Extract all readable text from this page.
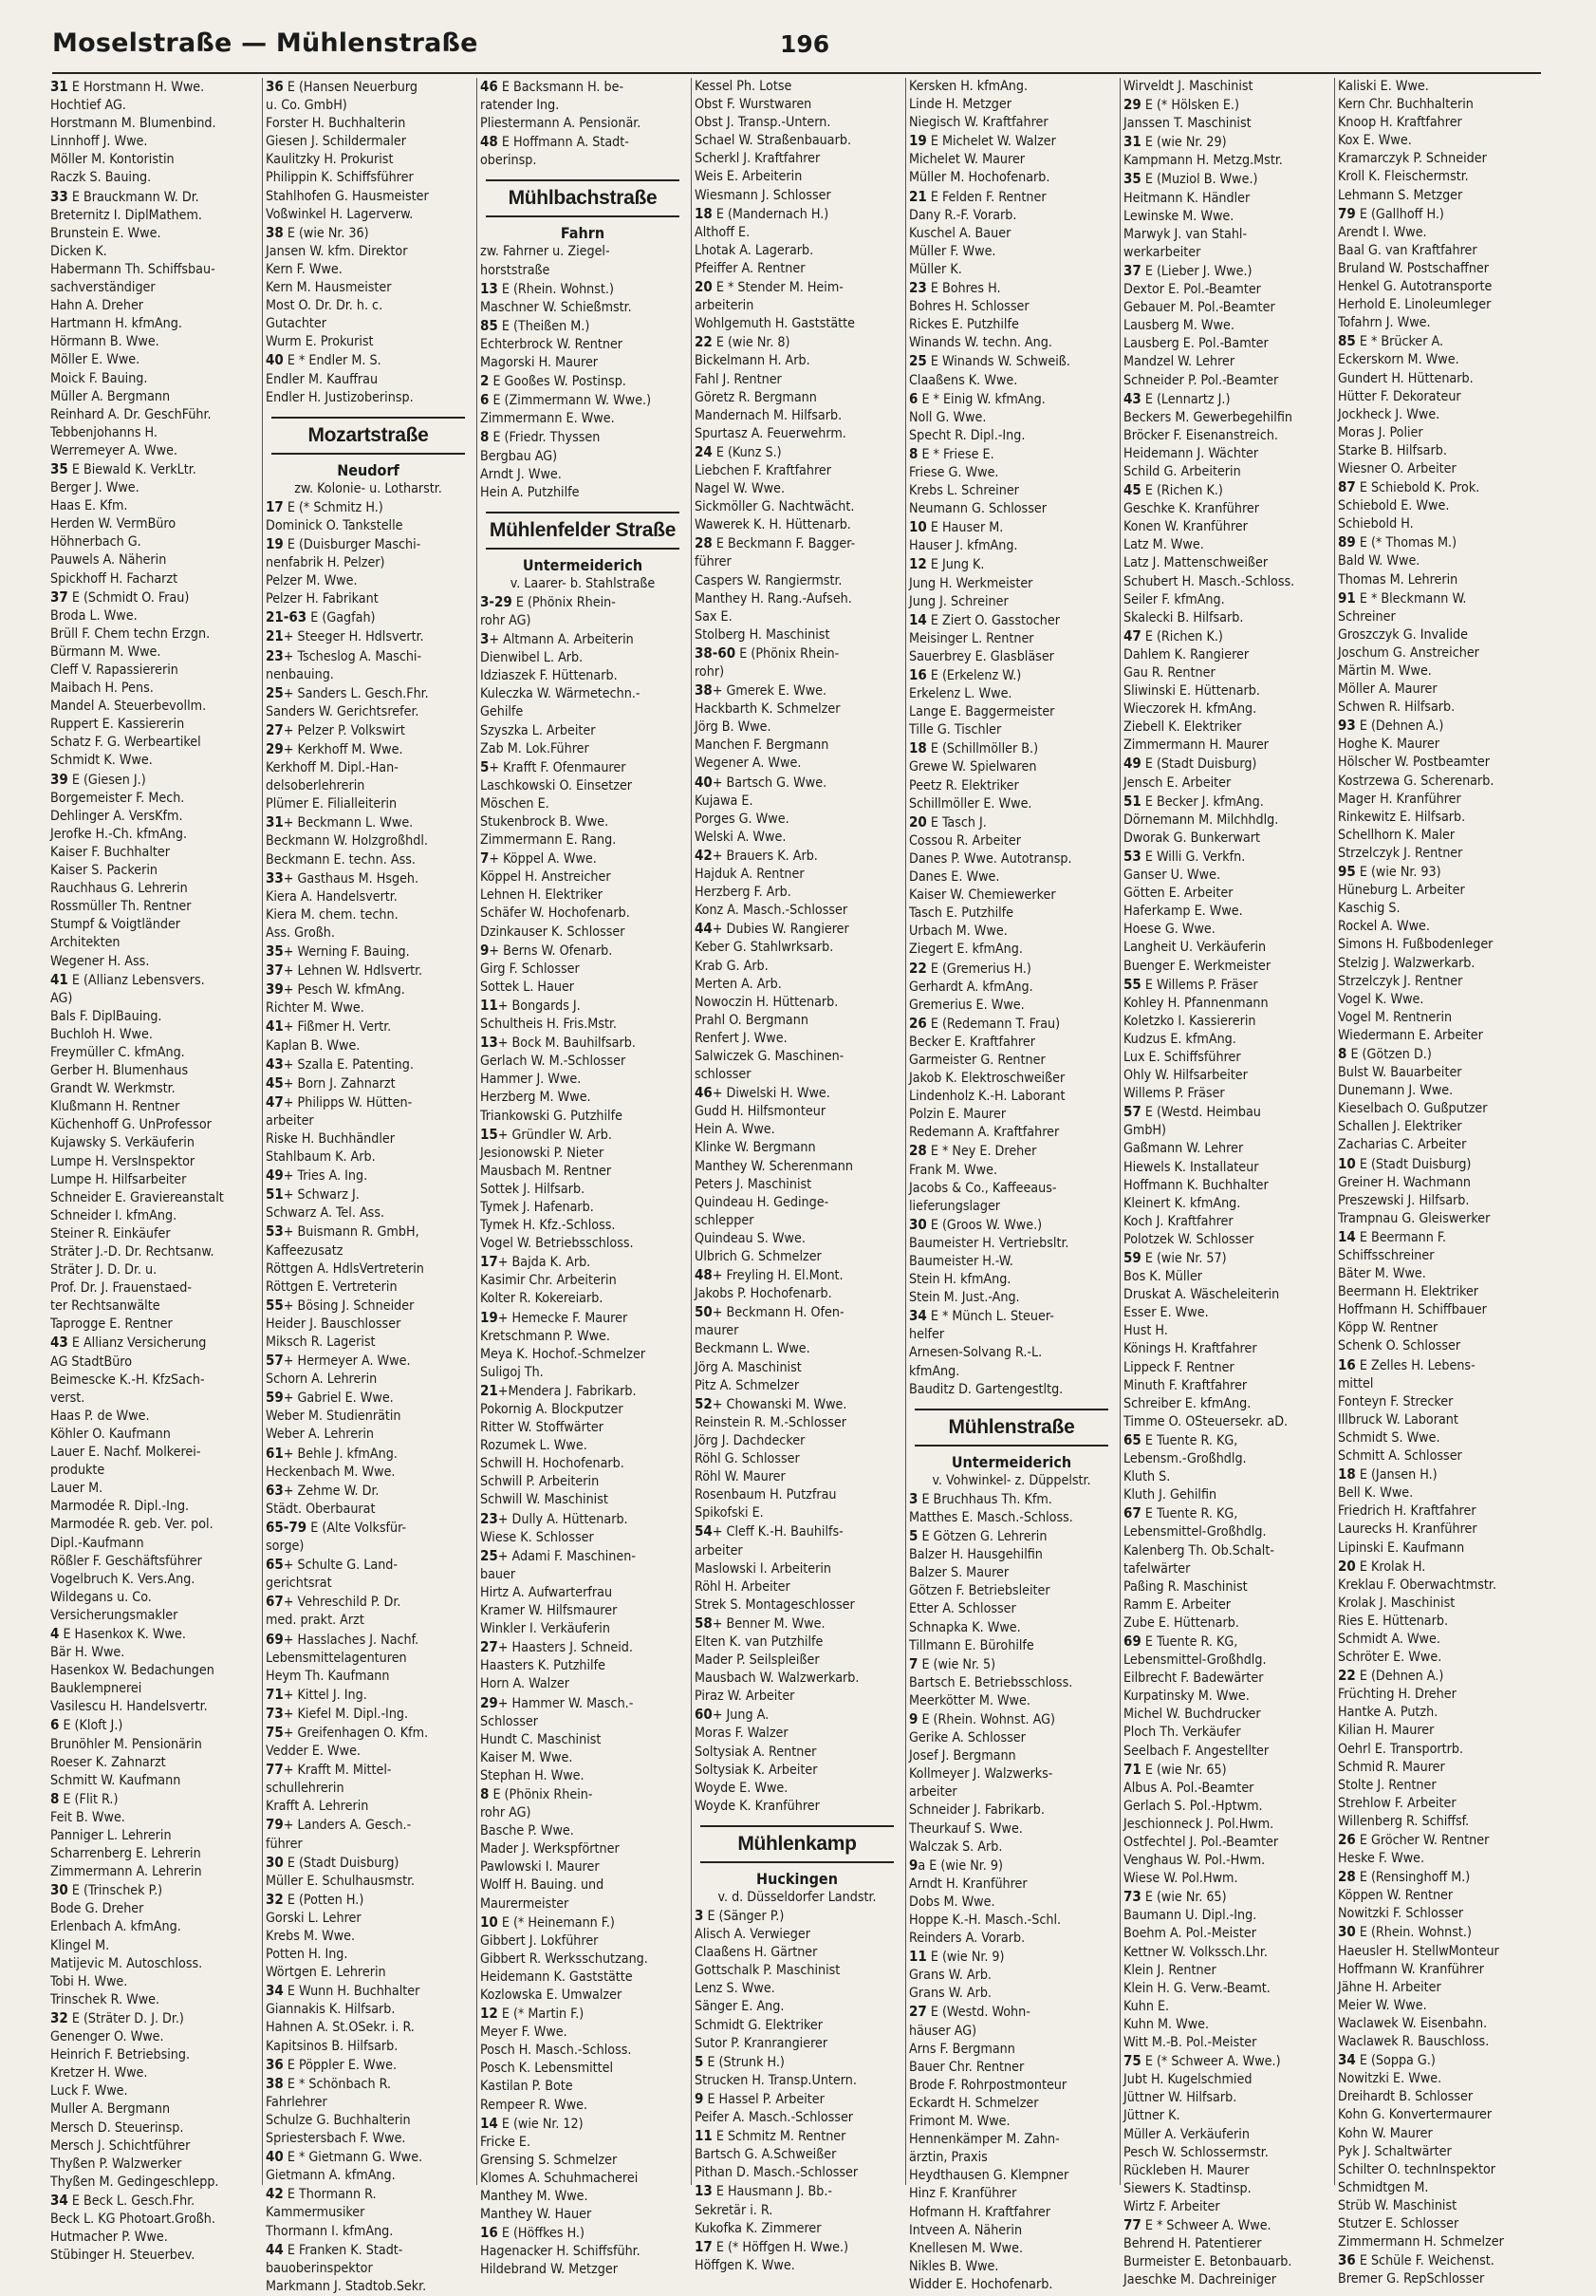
Moselstraße — Mühlenstraße	196
31 E Horstmann H. Wwe.
Hochtief AG.
Horstmann M. Blumenbind.
Linnhoff J. Wwe.
Möller M. Kontoristin
Raczk S. Bauing.
33 E Brauckmann W. Dr.
Breternitz I. DiplMathem.
Brunstein E. Wwe.
Dicken K.
Habermann Th. Schiffsbau-
sachverständiger
Hahn A. Dreher
Hartmann H. kfmAng.
Hörmann B. Wwe.
Möller E. Wwe.
Moick F. Bauing.
Müller A. Bergmann
Reinhard A. Dr. GeschFühr.
Tebbenjohanns H.
Werremeyer A. Wwe.
35 E Biewald K. VerkLtr.
Berger J. Wwe.
Haas E. Kfm.
Herden W. VermBüro
Höhnerbach G.
Pauwels A. Näherin
Spickhoff H. Facharzt
37 E (Schmidt O. Frau)
Broda L. Wwe.
Brüll F. Chem techn Erzgn.
Bürmann M. Wwe.
Cleff V. Rapassiererin
Maibach H. Pens.
Mandel A. Steuerbevollm.
Ruppert E. Kassiererin
Schatz F. G. Werbeartikel
Schmidt K. Wwe.
39 E (Giesen J.)
Borgemeister F. Mech.
Dehlinger A. VersKfm.
Jerofke H.-Ch. kfmAng.
Kaiser F. Buchhalter
Kaiser S. Packerin
Rauchhaus G. Lehrerin
Rossmüller Th. Rentner
Stumpf & Voigtländer
Architekten
Wegener H. Ass.
41 E (Allianz Lebensvers.
AG)
Bals F. DiplBauing.
Buchloh H. Wwe.
Freymüller C. kfmAng.
Gerber H. Blumenhaus
Grandt W. Werkmstr.
Klußmann H. Rentner
Küchenhoff G. UnProfessor
Kujawsky S. Verkäuferin
Lumpe H. VersInspektor
Lumpe H. Hilfsarbeiter
Schneider E. Graviereanstalt
Schneider I. kfmAng.
Steiner R. Einkäufer
Sträter J.-D. Dr. Rechtsanw.
Sträter J. D. Dr. u.
Prof. Dr. J. Frauenstaed-
ter Rechtsanwälte
Taprogge E. Rentner
43 E Allianz Versicherung
AG StadtBüro
Beimescke K.-H. KfzSach-
verst.
Haas P. de Wwe.
Köhler O. Kaufmann
Lauer E. Nachf. Molkerei-
produkte
Lauer M.
Marmodée R. Dipl.-Ing.
Marmodée R. geb. Ver. pol.
Dipl.-Kaufmann
Rößler F. Geschäftsführer
Vogelbruch K. Vers.Ang.
Wildegans u. Co.
Versicherungsmakler
4 E Hasenkox K. Wwe.
Bär H. Wwe.
Hasenkox W. Bedachungen
Bauklempnerei
Vasilescu H. Handelsvertr.
6 E (Kloft J.)
Brunöhler M. Pensionärin
Roeser K. Zahnarzt
Schmitt W. Kaufmann
8 E (Flit R.)
Feit B. Wwe.
Panniger L. Lehrerin
Scharrenberg E. Lehrerin
Zimmermann A. Lehrerin
30 E (Trinschek P.)
Bode G. Dreher
Erlenbach A. kfmAng.
Klingel M.
Matijevic M. Autoschloss.
Tobi H. Wwe.
Trinschek R. Wwe.
32 E (Sträter D. J. Dr.)
Genenger O. Wwe.
Heinrich F. Betriebsing.
Kretzer H. Wwe.
Luck F. Wwe.
Muller A. Bergmann
Mersch D. Steuerinsp.
Mersch J. Schichtführer
Thyßen P. Walzwerker
Thyßen M. Gedingeschlepp.
34 E Beck L. Gesch.Fhr.
Beck L. KG Photoart.Großh.
Hutmacher P. Wwe.
Stübinger H. Steuerbev.
36 E (Hansen Neuerburg
u. Co. GmbH)
Forster H. Buchhalterin
Giesen J. Schildermaler
Kaulitzky H. Prokurist
Philippin K. Schiffsführer
Stahlhofen G. Hausmeister
Voßwinkel H. Lagerverw.
38 E (wie Nr. 36)
Jansen W. kfm. Direktor
Kern F. Wwe.
Kern M. Hausmeister
Most O. Dr. Dr. h. c.
Gutachter
Wurm E. Prokurist
40 E * Endler M. S.
Endler M. Kauffrau
Endler H. Justizoberinsp.
Mozartstraße
Neudorf
zw. Kolonie- u. Lotharstr.
17 E (* Schmitz H.)
Dominick O. Tankstelle
19 E (Duisburger Maschi-
nenfabrik H. Pelzer)
Pelzer M. Wwe.
Pelzer H. Fabrikant
21-63 E (Gagfah)
21+ Steeger H. Hdlsvertr.
23+ Tscheslog A. Maschi-
nenbauing.
25+ Sanders L. Gesch.Fhr.
Sanders W. Gerichtsrefer.
27+ Pelzer P. Volkswirt
29+ Kerkhoff M. Wwe.
Kerkhoff M. Dipl.-Han-
delsoberlehrerin
Plümer E. Filialleiterin
31+ Beckmann L. Wwe.
Beckmann W. Holzgroßhdl.
Beckmann E. techn. Ass.
33+ Gasthaus M. Hsgeh.
Kiera A. Handelsvertr.
Kiera M. chem. techn.
Ass. Großh.
35+ Werning F. Bauing.
37+ Lehnen W. Hdlsvertr.
39+ Pesch W. kfmAng.
Richter M. Wwe.
41+ Fißmer H. Vertr.
Kaplan B. Wwe.
43+ Szalla E. Patenting.
45+ Born J. Zahnarzt
47+ Philipps W. Hütten-
arbeiter
Riske H. Buchhändler
Stahlbaum K. Arb.
49+ Tries A. Ing.
51+ Schwarz J.
Schwarz A. Tel. Ass.
53+ Buismann R. GmbH,
Kaffeezusatz
Röttgen A. HdlsVertreterin
Röttgen E. Vertreterin
55+ Bösing J. Schneider
Heider J. Bauschlosser
Miksch R. Lagerist
57+ Hermeyer A. Wwe.
Schorn A. Lehrerin
59+ Gabriel E. Wwe.
Weber M. Studienrätin
Weber A. Lehrerin
61+ Behle J. kfmAng.
Heckenbach M. Wwe.
63+ Zehme W. Dr.
Städt. Oberbaurat
65-79 E (Alte Volksfür-
sorge)
65+ Schulte G. Land-
gerichtsrat
67+ Vehreschild P. Dr.
med. prakt. Arzt
69+ Hasslaches J. Nachf.
Lebensmittelagenturen
Heym Th. Kaufmann
71+ Kittel J. Ing.
73+ Kiefel M. Dipl.-Ing.
75+ Greifenhagen O. Kfm.
Vedder E. Wwe.
77+ Krafft M. Mittel-
schullehrerin
Krafft A. Lehrerin
79+ Landers A. Gesch.-
führer
30 E (Stadt Duisburg)
Müller E. Schulhausmstr.
32 E (Potten H.)
Gorski L. Lehrer
Krebs M. Wwe.
Potten H. Ing.
Wörtgen E. Lehrerin
34 E Wunn H. Buchhalter
Giannakis K. Hilfsarb.
Hahnen A. St.OSekr. i. R.
Kapitsinos B. Hilfsarb.
36 E Pöppler E. Wwe.
38 E * Schönbach R.
Fahrlehrer
Schulze G. Buchhalterin
Spriestersbach F. Wwe.
40 E * Gietmann G. Wwe.
Gietmann A. kfmAng.
42 E Thormann R.
Kammermusiker
Thormann I. kfmAng.
44 E Franken K. Stadt-
bauoberinspektor
Markmann J. Stadtob.Sekr.
46 E Backsmann H. be-
ratender Ing.
Pliestermann A. Pensionär.
48 E Hoffmann A. Stadt-
oberinsp.
Mühlbachstraße
Fahrn
zw. Fahrner u. Ziegel-
horststraße
13 E (Rhein. Wohnst.)
Maschner W. Schießmstr.
85 E (Theißen M.)
Echterbrock W. Rentner
Magorski H. Maurer
2 E Gooßes W. Postinsp.
6 E (Zimmermann W. Wwe.)
Zimmermann E. Wwe.
8 E (Friedr. Thyssen
Bergbau AG)
Arndt J. Wwe.
Hein A. Putzhilfe
Mühlenfelder Straße
Untermeiderich
v. Laarer- b. Stahlstraße
3-29 E (Phönix Rhein-
rohr AG)
3+ Altmann A. Arbeiterin
Dienwibel L. Arb.
Idziaszek F. Hüttenarb.
Kuleczka W. Wärmetechn.-
Gehilfe
Szyszka L. Arbeiter
Zab M. Lok.Führer
5+ Krafft F. Ofenmaurer
Laschkowski O. Einsetzer
Möschen E.
Stukenbrock B. Wwe.
Zimmermann E. Rang.
7+ Köppel A. Wwe.
Köppel H. Anstreicher
Lehnen H. Elektriker
Schäfer W. Hochofenarb.
Dzinkauser K. Schlosser
9+ Berns W. Ofenarb.
Girg F. Schlosser
Sottek L. Hauer
11+ Bongards J.
Schultheis H. Fris.Mstr.
13+ Bock M. Bauhilfsarb.
Gerlach W. M.-Schlosser
Hammer J. Wwe.
Herzberg M. Wwe.
Triankowski G. Putzhilfe
15+ Gründler W. Arb.
Jesionowski P. Nieter
Mausbach M. Rentner
Sottek J. Hilfsarb.
Tymek J. Hafenarb.
Tymek H. Kfz.-Schloss.
Vogel W. Betriebsschloss.
17+ Bajda K. Arb.
Kasimir Chr. Arbeiterin
Kolter R. Kokereiarb.
19+ Hemecke F. Maurer
Kretschmann P. Wwe.
Meya K. Hochof.-Schmelzer
Suligoj Th.
21+Mendera J. Fabrikarb.
Pokornig A. Blockputzer
Ritter W. Stoffwärter
Rozumek L. Wwe.
Schwill H. Hochofenarb.
Schwill P. Arbeiterin
Schwill W. Maschinist
23+ Dully A. Hüttenarb.
Wiese K. Schlosser
25+ Adami F. Maschinen-
bauer
Hirtz A. Aufwarterfrau
Kramer W. Hilfsmaurer
Winkler I. Verkäuferin
27+ Haasters J. Schneid.
Haasters K. Putzhilfe
Horn A. Walzer
29+ Hammer W. Masch.-
Schlosser
Hundt C. Maschinist
Kaiser M. Wwe.
Stephan H. Wwe.
8 E (Phönix Rhein-
rohr AG)
Basche P. Wwe.
Mader J. Werkspförtner
Pawlowski I. Maurer
Wolff H. Bauing. und
Maurermeister
10 E (* Heinemann F.)
Gibbert J. Lokführer
Gibbert R. Werksschutzang.
Heidemann K. Gaststätte
Kozlowska E. Umwalzer
12 E (* Martin F.)
Meyer F. Wwe.
Posch H. Masch.-Schloss.
Posch K. Lebensmittel
Kastilan P. Bote
Rempeer R. Wwe.
14 E (wie Nr. 12)
Fricke E.
Grensing S. Schmelzer
Klomes A. Schuhmacherei
Manthey M. Wwe.
Manthey W. Hauer
16 E (Höffkes H.)
Hagenacker H. Schiffsführ.
Hildebrand W. Metzger
Kessel Ph. Lotse
Obst F. Wurstwaren
Obst J. Transp.-Untern.
Schael W. Straßenbauarb.
Scherkl J. Kraftfahrer
Weis E. Arbeiterin
Wiesmann J. Schlosser
18 E (Mandernach H.)
Althoff E.
Lhotak A. Lagerarb.
Pfeiffer A. Rentner
20 E * Stender M. Heim-
arbeiterin
Wohlgemuth H. Gaststätte
22 E (wie Nr. 8)
Bickelmann H. Arb.
Fahl J. Rentner
Göretz R. Bergmann
Mandernach M. Hilfsarb.
Spurtasz A. Feuerwehrm.
24 E (Kunz S.)
Liebchen F. Kraftfahrer
Nagel W. Wwe.
Sickmöller G. Nachtwächt.
Wawerek K. H. Hüttenarb.
28 E Beckmann F. Bagger-
führer
Caspers W. Rangiermstr.
Manthey H. Rang.-Aufseh.
Sax E.
Stolberg H. Maschinist
38-60 E (Phönix Rhein-
rohr)
38+ Gmerek E. Wwe.
Hackbarth K. Schmelzer
Jörg B. Wwe.
Manchen F. Bergmann
Wegener A. Wwe.
40+ Bartsch G. Wwe.
Kujawa E.
Porges G. Wwe.
Welski A. Wwe.
42+ Brauers K. Arb.
Hajduk A. Rentner
Herzberg F. Arb.
Konz A. Masch.-Schlosser
44+ Dubies W. Rangierer
Keber G. Stahlwrksarb.
Krab G. Arb.
Merten A. Arb.
Nowoczin H. Hüttenarb.
Prahl O. Bergmann
Renfert J. Wwe.
Salwiczek G. Maschinen-
schlosser
46+ Diwelski H. Wwe.
Gudd H. Hilfsmonteur
Hein A. Wwe.
Klinke W. Bergmann
Manthey W. Scherenmann
Peters J. Maschinist
Quindeau H. Gedinge-
schlepper
Quindeau S. Wwe.
Ulbrich G. Schmelzer
48+ Freyling H. El.Mont.
Jakobs P. Hochofenarb.
50+ Beckmann H. Ofen-
maurer
Beckmann L. Wwe.
Jörg A. Maschinist
Pitz A. Schmelzer
52+ Chowanski M. Wwe.
Reinstein R. M.-Schlosser
Jörg J. Dachdecker
Röhl G. Schlosser
Röhl W. Maurer
Rosenbaum H. Putzfrau
Spikofski E.
54+ Cleff K.-H. Bauhilfs-
arbeiter
Maslowski I. Arbeiterin
Röhl H. Arbeiter
Strek S. Montageschlosser
58+ Benner M. Wwe.
Elten K. van Putzhilfe
Mader P. Seilspleißer
Mausbach W. Walzwerkarb.
Piraz W. Arbeiter
60+ Jung A.
Moras F. Walzer
Soltysiak A. Rentner
Soltysiak K. Arbeiter
Woyde E. Wwe.
Woyde K. Kranführer
Mühlenkamp
Huckingen
v. d. Düsseldorfer Landstr.
3 E (Sänger P.)
Alisch A. Verwieger
Claaßens H. Gärtner
Gottschalk P. Maschinist
Lenz S. Wwe.
Sänger E. Ang.
Schmidt G. Elektriker
Sutor P. Kranrangierer
5 E (Strunk H.)
Strucken H. Transp.Untern.
9 E Hassel P. Arbeiter
Peifer A. Masch.-Schlosser
11 E Schmitz M. Rentner
Bartsch G. A.Schweißer
Pithan D. Masch.-Schlosser
13 E Hausmann J. Bb.-
Sekretär i. R.
Kukofka K. Zimmerer
17 E (* Höffgen H. Wwe.)
Höffgen K. Wwe.
Kersken H. kfmAng.
Linde H. Metzger
Niegisch W. Kraftfahrer
19 E Michelet W. Walzer
Michelet W. Maurer
Müller M. Hochofenarb.
21 E Felden F. Rentner
Dany R.-F. Vorarb.
Kuschel A. Bauer
Müller F. Wwe.
Müller K.
23 E Bohres H.
Bohres H. Schlosser
Rickes E. Putzhilfe
Winands W. techn. Ang.
25 E Winands W. Schweiß.
Claaßens K. Wwe.
6 E * Einig W. kfmAng.
Noll G. Wwe.
Specht R. Dipl.-Ing.
8 E * Friese E.
Friese G. Wwe.
Krebs L. Schreiner
Neumann G. Schlosser
10 E Hauser M.
Hauser J. kfmAng.
12 E Jung K.
Jung H. Werkmeister
Jung J. Schreiner
14 E Ziert O. Gasstocher
Meisinger L. Rentner
Sauerbrey E. Glasbläser
16 E (Erkelenz W.)
Erkelenz L. Wwe.
Lange E. Baggermeister
Tille G. Tischler
18 E (Schillmöller B.)
Grewe W. Spielwaren
Peetz R. Elektriker
Schillmöller E. Wwe.
20 E Tasch J.
Cossou R. Arbeiter
Danes P. Wwe. Autotransp.
Danes E. Wwe.
Kaiser W. Chemiewerker
Tasch E. Putzhilfe
Urbach M. Wwe.
Ziegert E. kfmAng.
22 E (Gremerius H.)
Gerhardt A. kfmAng.
Gremerius E. Wwe.
26 E (Redemann T. Frau)
Becker E. Kraftfahrer
Garmeister G. Rentner
Jakob K. Elektroschweißer
Lindenholz K.-H. Laborant
Polzin E. Maurer
Redemann A. Kraftfahrer
28 E * Ney E. Dreher
Frank M. Wwe.
Jacobs & Co., Kaffeeaus-
lieferungslager
30 E (Groos W. Wwe.)
Baumeister H. Vertriebsltr.
Baumeister H.-W.
Stein H. kfmAng.
Stein M. Just.-Ang.
34 E * Münch L. Steuer-
helfer
Arnesen-Solvang R.-L.
kfmAng.
Bauditz D. Gartengestltg.
Mühlenstraße
Untermeiderich
v. Vohwinkel- z. Düppelstr.
3 E Bruchhaus Th. Kfm.
Matthes E. Masch.-Schloss.
5 E Götzen G. Lehrerin
Balzer H. Hausgehilfin
Balzer S. Maurer
Götzen F. Betriebsleiter
Etter A. Schlosser
Schnapka K. Wwe.
Tillmann E. Bürohilfe
7 E (wie Nr. 5)
Bartsch E. Betriebsschloss.
Meerkötter M. Wwe.
9 E (Rhein. Wohnst. AG)
Gerike A. Schlosser
Josef J. Bergmann
Kollmeyer J. Walzwerks-
arbeiter
Schneider J. Fabrikarb.
Theurkauf S. Wwe.
Walczak S. Arb.
9a E (wie Nr. 9)
Arndt H. Kranführer
Dobs M. Wwe.
Hoppe K.-H. Masch.-Schl.
Reinders A. Vorarb.
11 E (wie Nr. 9)
Grans W. Arb.
Grans W. Arb.
27 E (Westd. Wohn-
häuser AG)
Arns F. Bergmann
Bauer Chr. Rentner
Brode F. Rohrpostmonteur
Eckardt H. Schmelzer
Frimont M. Wwe.
Hennenkämper M. Zahn-
ärztin, Praxis
Heydthausen G. Klempner
Hinz F. Kranführer
Hofmann H. Kraftfahrer
Intveen A. Näherin
Knellesen M. Wwe.
Nikles B. Wwe.
Widder E. Hochofenarb.
Wirveldt J. Maschinist
29 E (* Hölsken E.)
Janssen T. Maschinist
31 E (wie Nr. 29)
Kampmann H. Metzg.Mstr.
35 E (Muziol B. Wwe.)
Heitmann K. Händler
Lewinske M. Wwe.
Marwyk J. van Stahl-
werkarbeiter
37 E (Lieber J. Wwe.)
Dextor E. Pol.-Beamter
Gebauer M. Pol.-Beamter
Lausberg M. Wwe.
Lausberg E. Pol.-Bamter
Mandzel W. Lehrer
Schneider P. Pol.-Beamter
43 E (Lennartz J.)
Beckers M. Gewerbegehilfin
Bröcker F. Eisenanstreich.
Heidemann J. Wächter
Schild G. Arbeiterin
45 E (Richen K.)
Geschke K. Kranführer
Konen W. Kranführer
Latz M. Wwe.
Latz J. Mattenschweißer
Schubert H. Masch.-Schloss.
Seiler F. kfmAng.
Skalecki B. Hilfsarb.
47 E (Richen K.)
Dahlem K. Rangierer
Gau R. Rentner
Sliwinski E. Hüttenarb.
Wieczorek H. kfmAng.
Ziebell K. Elektriker
Zimmermann H. Maurer
49 E (Stadt Duisburg)
Jensch E. Arbeiter
51 E Becker J. kfmAng.
Dörnemann M. Milchhdlg.
Dworak G. Bunkerwart
53 E Willi G. Verkfn.
Ganser U. Wwe.
Götten E. Arbeiter
Haferkamp E. Wwe.
Hoese G. Wwe.
Langheit U. Verkäuferin
Buenger E. Werkmeister
55 E Willems P. Fräser
Kohley H. Pfannenmann
Koletzko I. Kassiererin
Kudzus E. kfmAng.
Lux E. Schiffsführer
Ohly W. Hilfsarbeiter
Willems P. Fräser
57 E (Westd. Heimbau
GmbH)
Gaßmann W. Lehrer
Hiewels K. Installateur
Hoffmann K. Buchhalter
Kleinert K. kfmAng.
Koch J. Kraftfahrer
Polotzek W. Schlosser
59 E (wie Nr. 57)
Bos K. Müller
Druskat A. Wäscheleiterin
Esser E. Wwe.
Hust H.
Könings H. Kraftfahrer
Lippeck F. Rentner
Minuth F. Kraftfahrer
Schreiber E. kfmAng.
Timme O. OSteuersekr. aD.
65 E Tuente R. KG,
Lebensm.-Großhdlg.
Kluth S.
Kluth J. Gehilfin
67 E Tuente R. KG,
Lebensmittel-Großhdlg.
Kalenberg Th. Ob.Schalt-
tafelwärter
Paßing R. Maschinist
Ramm E. Arbeiter
Zube E. Hüttenarb.
69 E Tuente R. KG,
Lebensmittel-Großhdlg.
Eilbrecht F. Badewärter
Kurpatinsky M. Wwe.
Michel W. Buchdrucker
Ploch Th. Verkäufer
Seelbach F. Angestellter
71 E (wie Nr. 65)
Albus A. Pol.-Beamter
Gerlach S. Pol.-Hptwm.
Jeschionneck J. Pol.Hwm.
Ostfechtel J. Pol.-Beamter
Venghaus W. Pol.-Hwm.
Wiese W. Pol.Hwm.
73 E (wie Nr. 65)
Baumann U. Dipl.-Ing.
Boehm A. Pol.-Meister
Kettner W. Volkssch.Lhr.
Klein J. Rentner
Klein H. G. Verw.-Beamt.
Kuhn E.
Kuhn M. Wwe.
Witt M.-B. Pol.-Meister
75 E (* Schweer A. Wwe.)
Jubt H. Kugelschmied
Jüttner W. Hilfsarb.
Jüttner K.
Müller A. Verkäuferin
Pesch W. Schlossermstr.
Rückleben H. Maurer
Siewers K. Stadtinsp.
Wirtz F. Arbeiter
77 E * Schweer A. Wwe.
Behrend H. Patentierer
Burmeister E. Betonbauarb.
Jaeschke M. Dachreiniger
Kaliski E. Wwe.
Kern Chr. Buchhalterin
Knoop H. Kraftfahrer
Kox E. Wwe.
Kramarczyk P. Schneider
Kroll K. Fleischermstr.
Lehmann S. Metzger
79 E (Gallhoff H.)
Arendt I. Wwe.
Baal G. van Kraftfahrer
Bruland W. Postschaffner
Henkel G. Autotransporte
Herhold E. Linoleumleger
Tofahrn J. Wwe.
85 E * Brücker A.
Eckerskorn M. Wwe.
Gundert H. Hüttenarb.
Hütter F. Dekorateur
Jockheck J. Wwe.
Moras J. Polier
Starke B. Hilfsarb.
Wiesner O. Arbeiter
87 E Schiebold K. Prok.
Schiebold E. Wwe.
Schiebold H.
89 E (* Thomas M.)
Bald W. Wwe.
Thomas M. Lehrerin
91 E * Bleckmann W.
Schreiner
Groszczyk G. Invalide
Joschum G. Anstreicher
Märtin M. Wwe.
Möller A. Maurer
Schwen R. Hilfsarb.
93 E (Dehnen A.)
Hoghe K. Maurer
Hölscher W. Postbeamter
Kostrzewa G. Scherenarb.
Mager H. Kranführer
Rinkewitz E. Hilfsarb.
Schellhorn K. Maler
Strzelczyk J. Rentner
95 E (wie Nr. 93)
Hüneburg L. Arbeiter
Kaschig S.
Rockel A. Wwe.
Simons H. Fußbodenleger
Stelzig J. Walzwerkarb.
Strzelczyk J. Rentner
Vogel K. Wwe.
Vogel M. Rentnerin
Wiedermann E. Arbeiter
8 E (Götzen D.)
Bulst W. Bauarbeiter
Dunemann J. Wwe.
Kieselbach O. Gußputzer
Schallen J. Elektriker
Zacharias C. Arbeiter
10 E (Stadt Duisburg)
Greiner H. Wachmann
Preszewski J. Hilfsarb.
Trampnau G. Gleiswerker
14 E Beermann F.
Schiffsschreiner
Bäter M. Wwe.
Beermann H. Elektriker
Hoffmann H. Schiffbauer
Köpp W. Rentner
Schenk O. Schlosser
16 E Zelles H. Lebens-
mittel
Fonteyn F. Strecker
Illbruck W. Laborant
Schmidt S. Wwe.
Schmitt A. Schlosser
18 E (Jansen H.)
Bell K. Wwe.
Friedrich H. Kraftfahrer
Laurecks H. Kranführer
Lipinski E. Kaufmann
20 E Krolak H.
Kreklau F. Oberwachtmstr.
Krolak J. Maschinist
Ries E. Hüttenarb.
Schmidt A. Wwe.
Schröter E. Wwe.
22 E (Dehnen A.)
Früchting H. Dreher
Hantke A. Putzh.
Kilian H. Maurer
Oehrl E. Transportrb.
Schmid R. Maurer
Stolte J. Rentner
Strehlow F. Arbeiter
Willenberg R. Schiffsf.
26 E Gröcher W. Rentner
Heske F. Wwe.
28 E (Rensinghoff M.)
Köppen W. Rentner
Nowitzki F. Schlosser
30 E (Rhein. Wohnst.)
Haeusler H. StellwMonteur
Hoffmann W. Kranführer
Jähne H. Arbeiter
Meier W. Wwe.
Waclawek W. Eisenbahn.
Waclawek R. Bauschloss.
34 E (Soppa G.)
Nowitzki E. Wwe.
Dreihardt B. Schlosser
Kohn G. Konvertermaurer
Kohn W. Maurer
Pyk J. Schaltwärter
Schilter O. technInspektor
Schmidtgen M.
Strüb W. Maschinist
Stutzer E. Schlosser
Zimmermann H. Schmelzer
36 E Schüle F. Weichenst.
Bremer G. RepSchlosser
